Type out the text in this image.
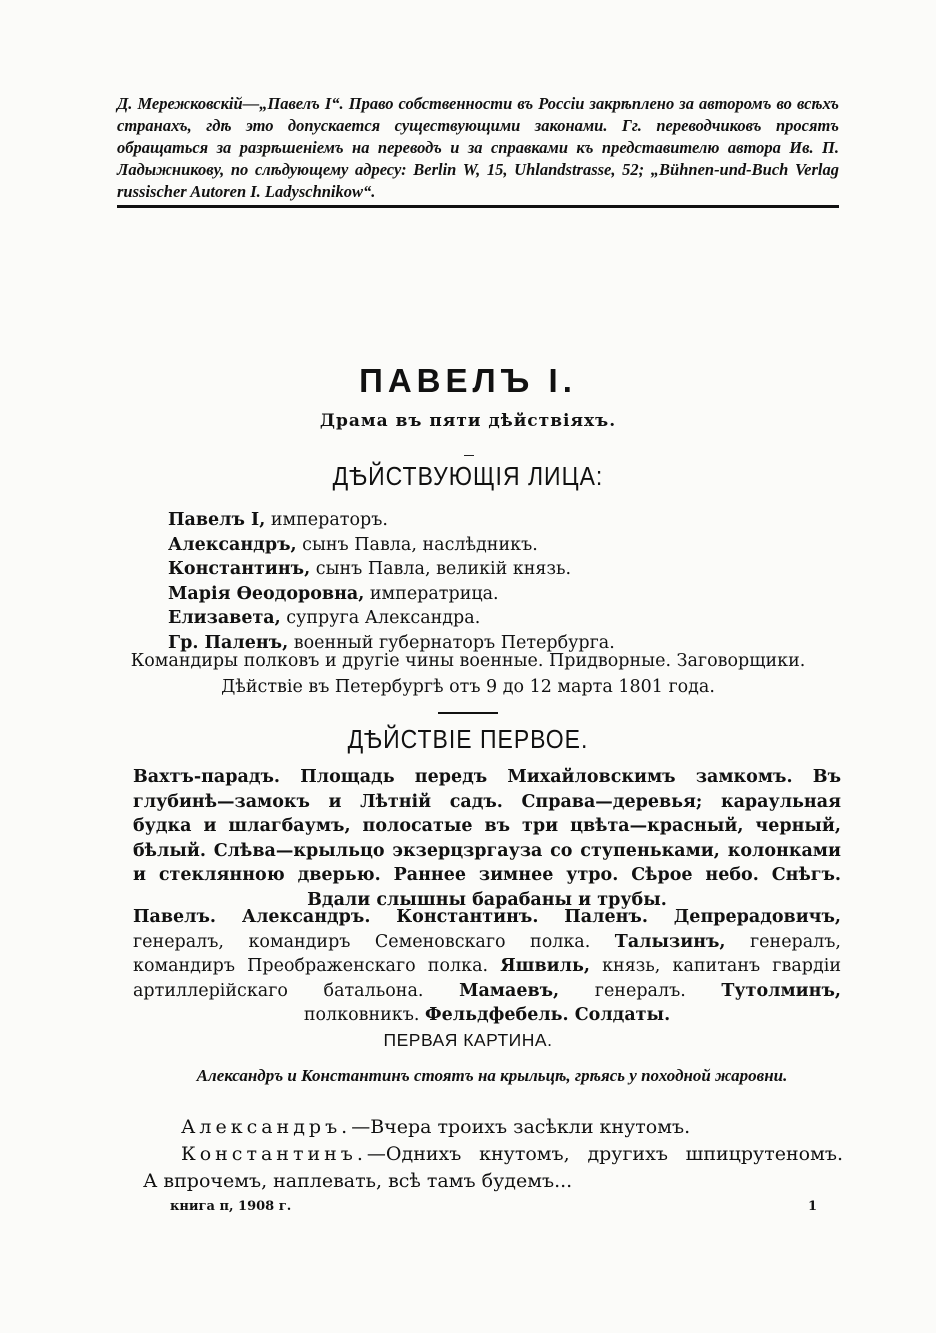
Д. Мережковскій—„Павелъ I“. Право собственности въ Россіи закрѣплено за авторомъ во всѣхъ странахъ, гдѣ это допускается существующими законами. Гг. переводчиковъ просятъ обращаться за разрѣшеніемъ на переводъ и за справками къ представителю автора Ив. П. Ладыжникову, по слѣдующему адресу: Berlin W, 15, Uhlandstrasse, 52; „Bühnen-und-Buch Verlag russischer Autoren I. Ladyschnikow“.

ПАВЕЛЪ I.
Драма въ пяти дѣйствіяхъ.
ДѢЙСТВУЮЩІЯ ЛИЦА:
Павелъ I, императоръ.
Александръ, сынъ Павла, наслѣдникъ.
Константинъ, сынъ Павла, великій князь.
Марія Ѳеодоровна, императрица.
Елизавета, супруга Александра.
Гр. Паленъ, военный губернаторъ Петербурга.
Командиры полковъ и другіе чины военные. Придворные. Заговорщики.
Дѣйствіе въ Петербургѣ отъ 9 до 12 марта 1801 года.
ДѢЙСТВІЕ ПЕРВОЕ.

Вахтъ-парадъ. Площадь передъ Михайловскимъ замкомъ. Въ глубинѣ—замокъ и Лѣтній садъ. Справа—деревья; караульная будка и шлагбаумъ, полосатые въ три цвѣта—красный, черный, бѣлый. Слѣва—крыльцо экзерцзргауза со ступеньками, колонками и стеклянною дверью. Раннее зимнее утро. Сѣрое небо. Снѣгъ. Вдали слышны барабаны и трубы.

Павелъ. Александръ. Константинъ. Паленъ. Депрерадовичъ, генералъ, командиръ Семеновскаго полка. Талызинъ, генералъ, командиръ Преображенскаго полка. Яшвиль, князь, капитанъ гвардіи артиллерійскаго батальона. Мамаевъ, генералъ. Тутолминъ, полковникъ. Фельдфебель. Солдаты.

ПЕРВАЯ КАРТИНА.

Александръ и Константинъ стоятъ на крыльцѣ, грѣясь у походной жаровни.

Александръ.—Вчера троихъ засѣкли кнутомъ.
Константинъ.—Однихъ кнутомъ, другихъ шпицрутеномъ.
А впрочемъ, наплевать, всѣ тамъ будемъ...
книга п, 1908 г.	1
